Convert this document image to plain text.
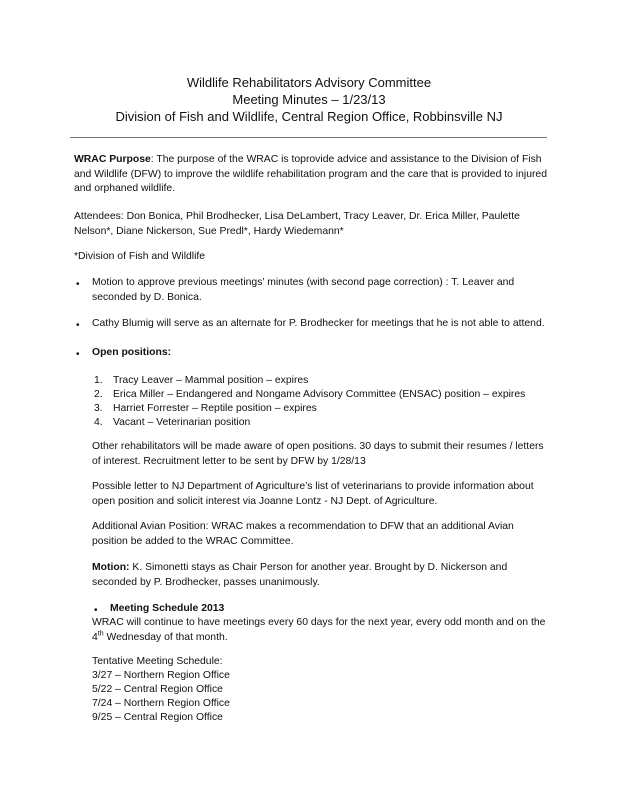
Wildlife Rehabilitators Advisory Committee
Meeting Minutes – 1/23/13
Division of Fish and Wildlife, Central Region Office, Robbinsville NJ
WRAC Purpose: The purpose of the WRAC is toprovide advice and assistance to the Division of Fish and Wildlife (DFW) to improve the wildlife rehabilitation program and the care that is provided to injured and orphaned wildlife.
Attendees: Don Bonica, Phil Brodhecker, Lisa DeLambert, Tracy Leaver, Dr. Erica Miller, Paulette Nelson*, Diane Nickerson, Sue Predl*, Hardy Wiedemann*
*Division of Fish and Wildlife
• Motion to approve previous meetings’ minutes (with second page correction) : T. Leaver and seconded by D. Bonica.
• Cathy Blumig will serve as an alternate for P. Brodhecker for meetings that he is not able to attend.
• Open positions:
1. Tracy Leaver – Mammal position – expires
2. Erica Miller – Endangered and Nongame Advisory Committee (ENSAC) position – expires
3. Harriet Forrester – Reptile position – expires
4. Vacant – Veterinarian position
Other rehabilitators will be made aware of open positions. 30 days to submit their resumes / letters of interest. Recruitment letter to be sent by DFW by 1/28/13
Possible letter to NJ Department of Agriculture’s list of veterinarians to provide information about open position and solicit interest via Joanne Lontz - NJ Dept. of Agriculture.
Additional Avian Position: WRAC makes a recommendation to DFW that an additional Avian position be added to the WRAC Committee.
Motion: K. Simonetti stays as Chair Person for another year. Brought by D. Nickerson and seconded by P. Brodhecker, passes unanimously.
• Meeting Schedule 2013
WRAC will continue to have meetings every 60 days for the next year, every odd month and on the
4th Wednesday of that month.
Tentative Meeting Schedule:
3/27 – Northern Region Office
5/22 – Central Region Office
7/24 – Northern Region Office
9/25 – Central Region Office
